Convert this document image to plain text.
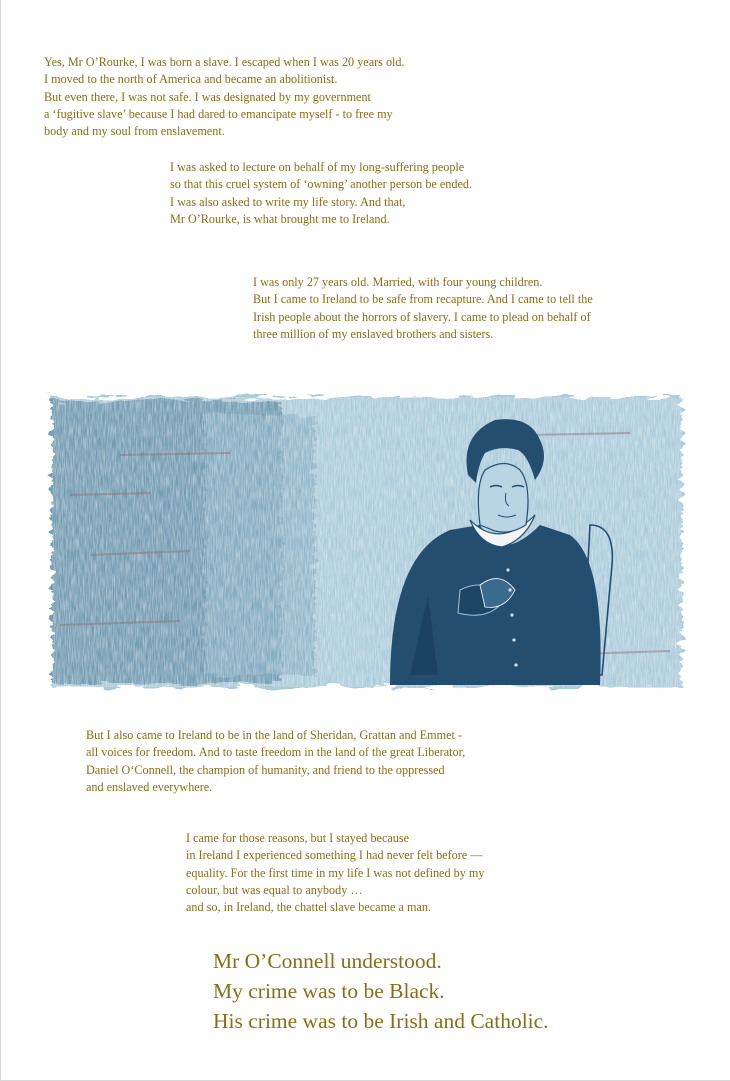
Yes, Mr O’Rourke, I was born a slave. I escaped when I was 20 years old.
I moved to the north of America and became an abolitionist.
But even there, I was not safe. I was designated by my government
a ‘fugitive slave’ because I had dared to emancipate myself - to free my
body and my soul from enslavement.
I was asked to lecture on behalf of my long-suffering people
so that this cruel system of ‘owning’ another person be ended.
I was also asked to write my life story. And that,
Mr O’Rourke, is what brought me to Ireland.
I was only 27 years old. Married, with four young children.
But I came to Ireland to be safe from recapture. And I came to tell the
Irish people about the horrors of slavery. I came to plead on behalf of
three million of my enslaved brothers and sisters.
But I also came to Ireland to be in the land of Sheridan, Grattan and Emmet -
all voices for freedom. And to taste freedom in the land of the great Liberator,
Daniel O‘Connell, the champion of humanity, and friend to the oppressed
and enslaved everywhere.
I came for those reasons, but I stayed because
in Ireland I experienced something I had never felt before —
equality. For the first time in my life I was not defined by my
colour, but was equal to anybody …
and so, in Ireland, the chattel slave became a man.
Mr O’Connell understood.
My crime was to be Black.
His crime was to be Irish and Catholic.
